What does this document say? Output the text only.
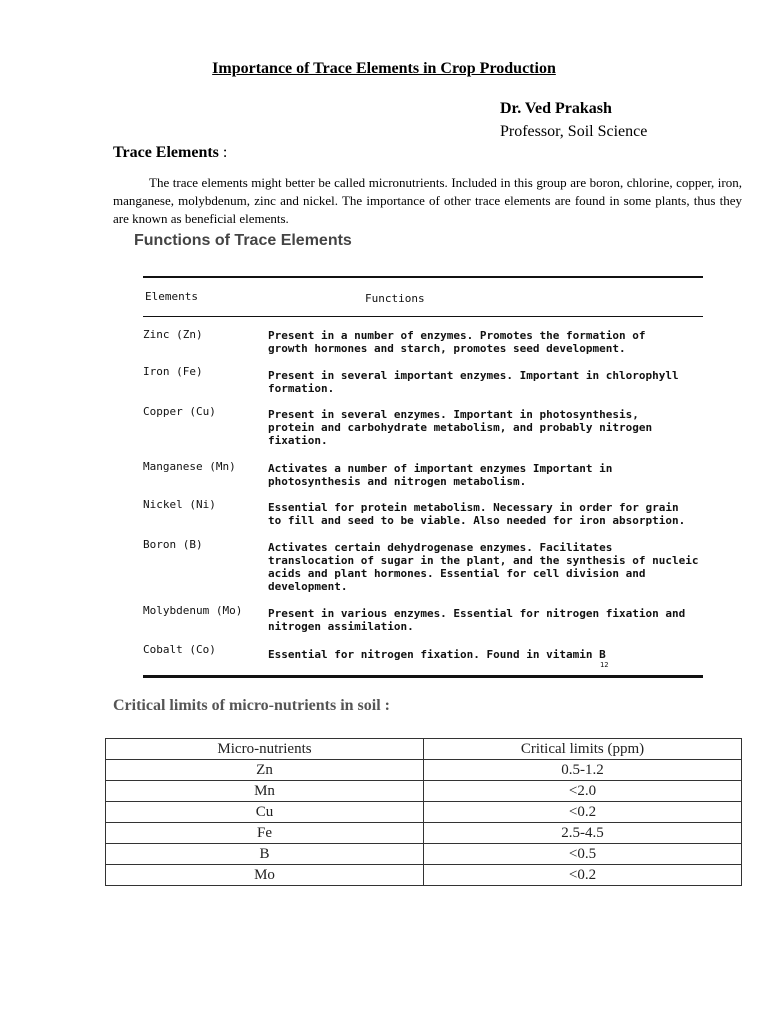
Importance of Trace Elements in Crop Production
Dr. Ved Prakash
Professor, Soil Science
Trace Elements :
The trace elements might better be called micronutrients. Included in this group are boron, chlorine, copper, iron, manganese, molybdenum, zinc and nickel. The importance of other trace elements are found in some plants, thus they are known as beneficial elements.
Functions of Trace Elements
Elements	Functions
Zinc (Zn)	Present in a number of enzymes. Promotes the formation of
growth hormones and starch, promotes seed development.
Iron (Fe)	Present in several important enzymes. Important in chlorophyll
formation.
Copper (Cu)	Present in several enzymes. Important in photosynthesis,
protein and carbohydrate metabolism, and probably nitrogen
fixation.
Manganese (Mn)	Activates a number of important enzymes Important in
photosynthesis and nitrogen metabolism.
Nickel (Ni)	Essential for protein metabolism. Necessary in order for grain
to fill and seed to be viable. Also needed for iron absorption.
Boron (B)	Activates certain dehydrogenase enzymes. Facilitates
translocation of sugar in the plant, and the synthesis of nucleic
acids and plant hormones. Essential for cell division and
development.
Molybdenum (Mo)	Present in various enzymes. Essential for nitrogen fixation and
nitrogen assimilation.
Cobalt (Co)	Essential for nitrogen fixation. Found in vitamin B
12
Critical limits of micro-nutrients in soil :
Micro-nutrients	Critical limits (ppm)
Zn	0.5-1.2
Mn	<2.0
Cu	<0.2
Fe	2.5-4.5
B	<0.5
Mo	<0.2
